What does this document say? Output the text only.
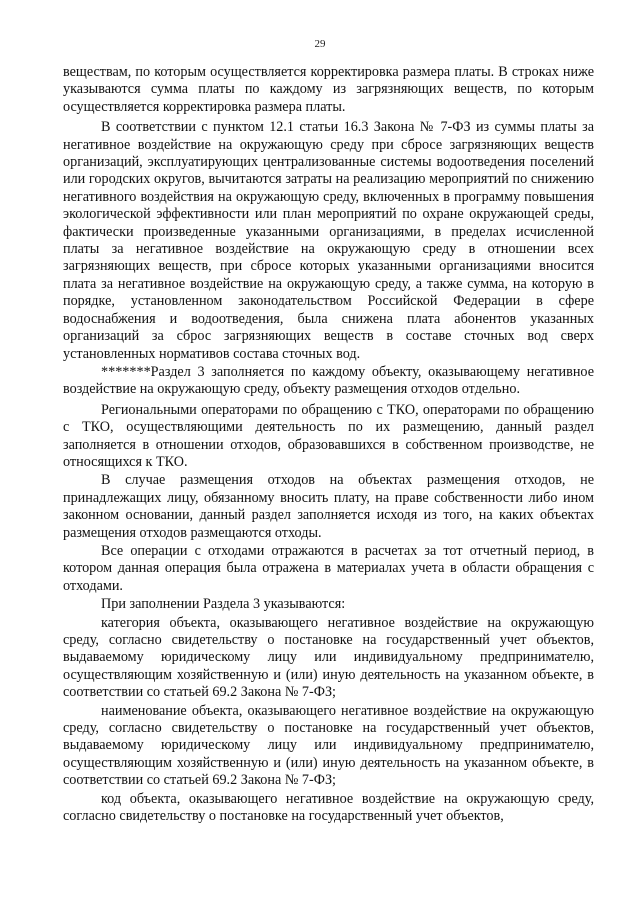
29

веществам, по которым осуществляется корректировка размера платы. В строках ниже указываются сумма платы по каждому из загрязняющих веществ, по которым осуществляется корректировка размера платы.

В соответствии с пунктом 12.1 статьи 16.3 Закона № 7-ФЗ из суммы платы за негативное воздействие на окружающую среду при сбросе загрязняющих веществ организаций, эксплуатирующих централизованные системы водоотведения поселений или городских округов, вычитаются затраты на реализацию мероприятий по снижению негативного воздействия на окружающую среду, включенных в программу повышения экологической эффективности или план мероприятий по охране окружающей среды, фактически произведенные указанными организациями, в пределах исчисленной платы за негативное воздействие на окружающую среду в отношении всех загрязняющих веществ, при сбросе которых указанными организациями вносится плата за негативное воздействие на окружающую среду, а также сумма, на которую в порядке, установленном законодательством Российской Федерации в сфере водоснабжения и водоотведения, была снижена плата абонентов указанных организаций за сброс загрязняющих веществ в составе сточных вод сверх установленных нормативов состава сточных вод.

*******Раздел 3 заполняется по каждому объекту, оказывающему негативное воздействие на окружающую среду, объекту размещения отходов отдельно.

Региональными операторами по обращению с ТКО, операторами по обращению с ТКО, осуществляющими деятельность по их размещению, данный раздел заполняется в отношении отходов, образовавшихся в собственном производстве, не относящихся к ТКО.

В случае размещения отходов на объектах размещения отходов, не принадлежащих лицу, обязанному вносить плату, на праве собственности либо ином законном основании, данный раздел заполняется исходя из того, на каких объектах размещения отходов размещаются отходы.

Все операции с отходами отражаются в расчетах за тот отчетный период, в котором данная операция была отражена в материалах учета в области обращения с отходами.

При заполнении Раздела 3 указываются:

категория объекта, оказывающего негативное воздействие на окружающую среду, согласно свидетельству о постановке на государственный учет объектов, выдаваемому юридическому лицу или индивидуальному предпринимателю, осуществляющим хозяйственную и (или) иную деятельность на указанном объекте, в соответствии со статьей 69.2 Закона № 7-ФЗ;

наименование объекта, оказывающего негативное воздействие на окружающую среду, согласно свидетельству о постановке на государственный учет объектов, выдаваемому юридическому лицу или индивидуальному предпринимателю, осуществляющим хозяйственную и (или) иную деятельность на указанном объекте, в соответствии со статьей 69.2 Закона № 7-ФЗ;

код объекта, оказывающего негативное воздействие на окружающую среду, согласно свидетельству о постановке на государственный учет объектов,
